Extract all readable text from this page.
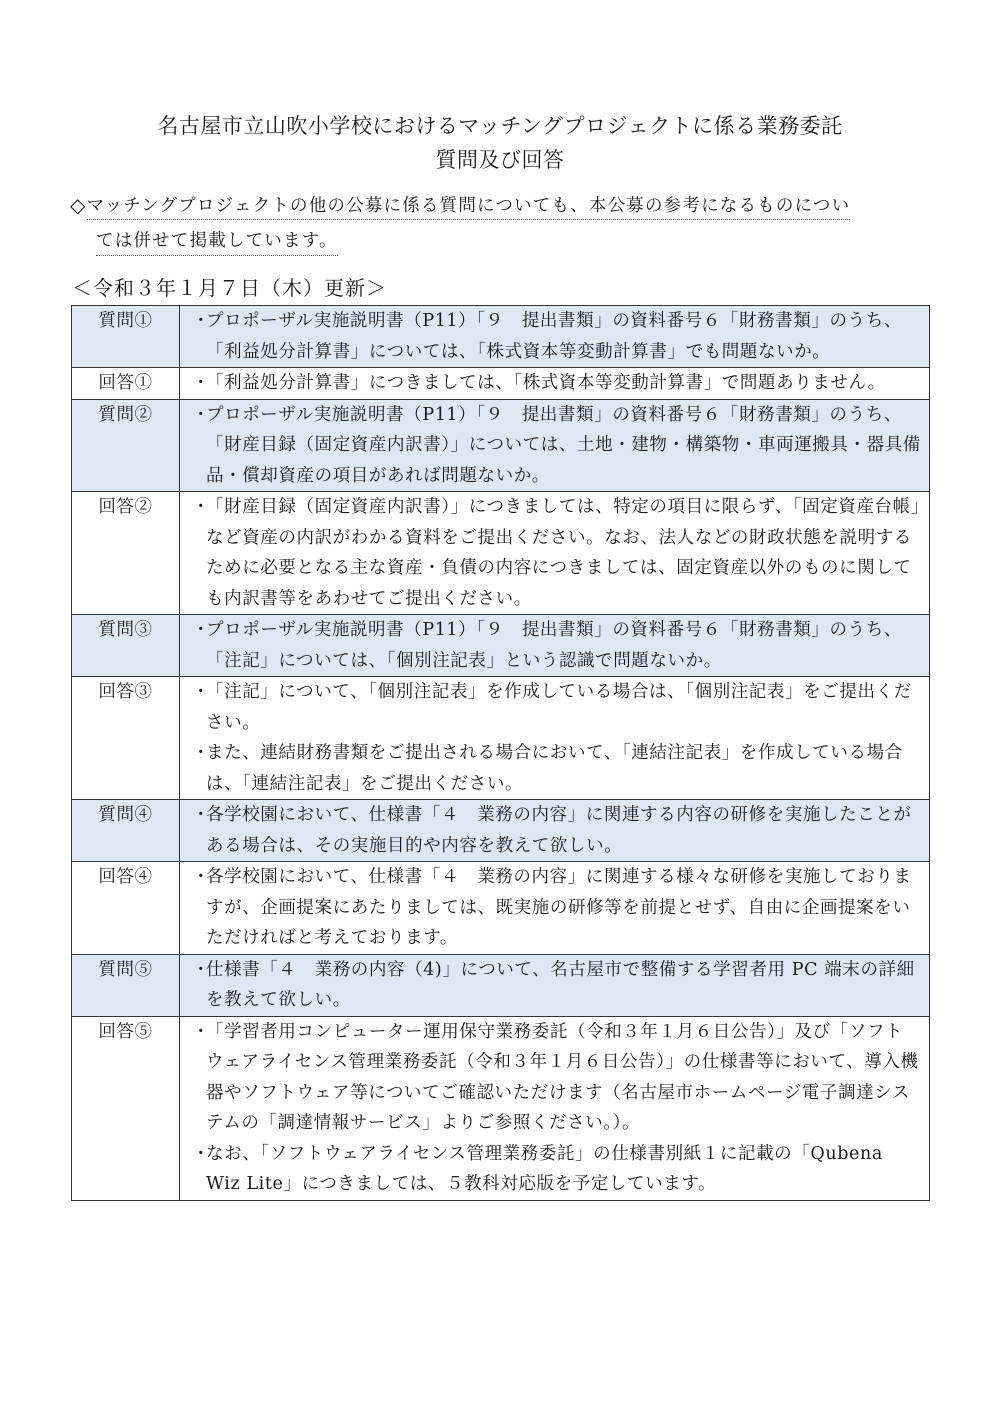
名古屋市立山吹小学校におけるマッチングプロジェクトに係る業務委託
質問及び回答
◇マッチングプロジェクトの他の公募に係る質問についても、本公募の参考になるものについ
ては併せて掲載しています。
＜令和３年１月７日（木）更新＞
質問①	・
プロポーザル実施説明書（P11）「９　提出書類」の資料番号６「財務書類」のうち、「利益処分計算書」については、「株式資本等変動計算書」でも問題ないか。

回答①	・
「利益処分計算書」につきましては、「株式資本等変動計算書」で問題ありません。

質問②	・
プロポーザル実施説明書（P11）「９　提出書類」の資料番号６「財務書類」のうち、「財産目録（固定資産内訳書）」については、土地・建物・構築物・車両運搬具・器具備品・償却資産の項目があれば問題ないか。

回答②	・
「財産目録（固定資産内訳書）」につきましては、特定の項目に限らず、「固定資産台帳」など資産の内訳がわかる資料をご提出ください。なお、法人などの財政状態を説明するために必要となる主な資産・負債の内容につきましては、固定資産以外のものに関しても内訳書等をあわせてご提出ください。

質問③	・
プロポーザル実施説明書（P11）「９　提出書類」の資料番号６「財務書類」のうち、「注記」については、「個別注記表」という認識で問題ないか。

回答③	・
「注記」について、「個別注記表」を作成している場合は、「個別注記表」をご提出ください。
・
また、連結財務書類をご提出される場合において、「連結注記表」を作成している場合は、「連結注記表」をご提出ください。

質問④	・
各学校園において、仕様書「４　業務の内容」に関連する内容の研修を実施したことがある場合は、その実施目的や内容を教えて欲しい。

回答④	・
各学校園において、仕様書「４　業務の内容」に関連する様々な研修を実施しておりますが、企画提案にあたりましては、既実施の研修等を前提とせず、自由に企画提案をいただければと考えております。

質問⑤	・
仕様書「４　業務の内容（4)」について、名古屋市で整備する学習者用 PC 端末の詳細を教えて欲しい。

回答⑤	・
「学習者用コンピューター運用保守業務委託（令和３年１月６日公告）」及び「ソフトウェアライセンス管理業務委託（令和３年１月６日公告）」の仕様書等において、導入機器やソフトウェア等についてご確認いただけます（名古屋市ホームページ電子調達システムの「調達情報サービス」よりご参照ください。）。
・
なお、「ソフトウェアライセンス管理業務委託」の仕様書別紙１に記載の「Qubena Wiz Lite」につきましては、５教科対応版を予定しています。
